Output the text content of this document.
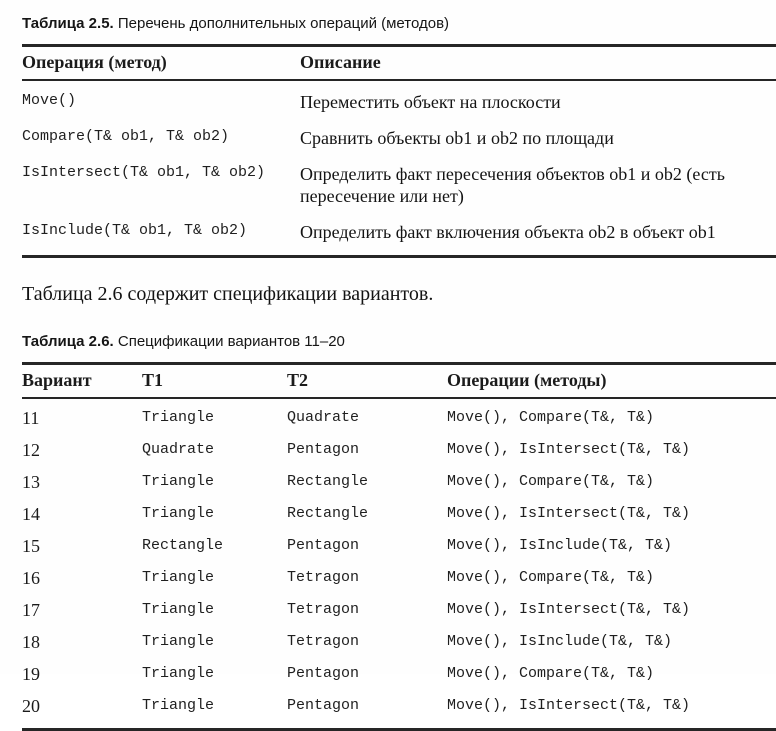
Таблица 2.5. Перечень дополнительных операций (методов)
Операция (метод)	Описание
Move()	Переместить объект на плоскости
Compare(T& ob1, T& ob2)	Сравнить объекты ob1 и ob2 по площади
IsIntersect(T& ob1, T& ob2)	Определить факт пересечения объектов ob1 и ob2 (есть пересечение или нет)
IsInclude(T& ob1, T& ob2)	Определить факт включения объекта ob2 в объект ob1

Таблица 2.6 содержит спецификации вариантов.
Таблица 2.6. Спецификации вариантов 11–20
Вариант	T1	T2	Операции (методы)
11	Triangle	Quadrate	Move(), Compare(T&, T&)
12	Quadrate	Pentagon	Move(), IsIntersect(T&, T&)
13	Triangle	Rectangle	Move(), Compare(T&, T&)
14	Triangle	Rectangle	Move(), IsIntersect(T&, T&)
15	Rectangle	Pentagon	Move(), IsInclude(T&, T&)
16	Triangle	Tetragon	Move(), Compare(T&, T&)
17	Triangle	Tetragon	Move(), IsIntersect(T&, T&)
18	Triangle	Tetragon	Move(), IsInclude(T&, T&)
19	Triangle	Pentagon	Move(), Compare(T&, T&)
20	Triangle	Pentagon	Move(), IsIntersect(T&, T&)
